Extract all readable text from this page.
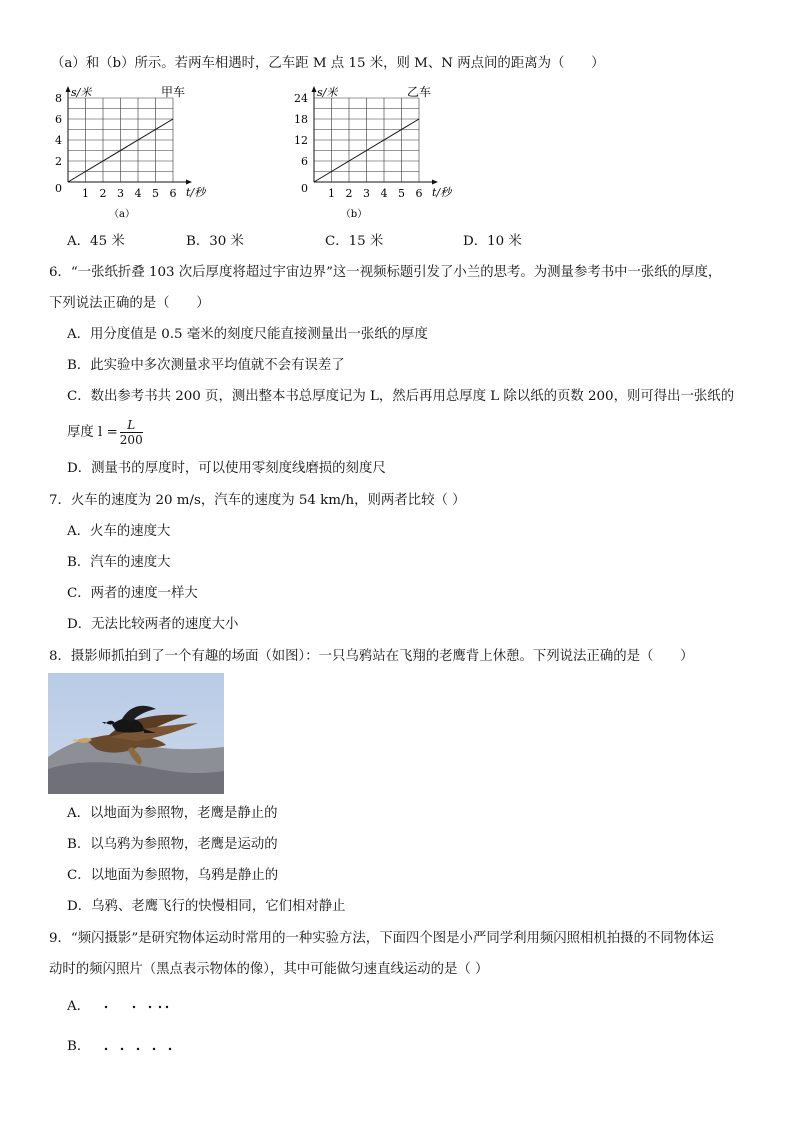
（a）和（b）所示。若两车相遇时，乙车距 M 点 15 米，则 M、N 两点间的距离为（　　）
s/米	甲车
t/秒
8
6
4
2
0 1 2 3 4 5 6
（a）
s/米	乙车
t/秒
24
18
12
6
0 1 2 3 4 5 6
（b）
A．45 米	B．30 米	C．15 米	D．10 米
6．“一张纸折叠 103 次后厚度将超过宇宙边界”这一视频标题引发了小兰的思考。为测量参考书中一张纸的厚度，
下列说法正确的是（　　）
A．用分度值是 0.5 毫米的刻度尺能直接测量出一张纸的厚度
B．此实验中多次测量求平均值就不会有误差了
C．数出参考书共 200 页，测出整本书总厚度记为 L，然后再用总厚度 L 除以纸的页数 200，则可得出一张纸的
厚度 $l = \frac{L}{200}$
D．测量书的厚度时，可以使用零刻度线磨损的刻度尺
7．火车的速度为 20 m/s，汽车的速度为 54 km/h，则两者比较（ ）
A．火车的速度大
B．汽车的速度大
C．两者的速度一样大
D．无法比较两者的速度大小
8．摄影师抓拍到了一个有趣的场面（如图）：一只乌鸦站在飞翔的老鹰背上休憩。下列说法正确的是（　　）
A．以地面为参照物，老鹰是静止的
B．以乌鸦为参照物，老鹰是运动的
C．以地面为参照物，乌鸦是静止的
D．乌鸦、老鹰飞行的快慢相同，它们相对静止
9．“频闪摄影”是研究物体运动时常用的一种实验方法，下面四个图是小严同学利用频闪照相机拍摄的不同物体运
动时的频闪照片（黑点表示物体的像），其中可能做匀速直线运动的是（ ）
A．
B．
